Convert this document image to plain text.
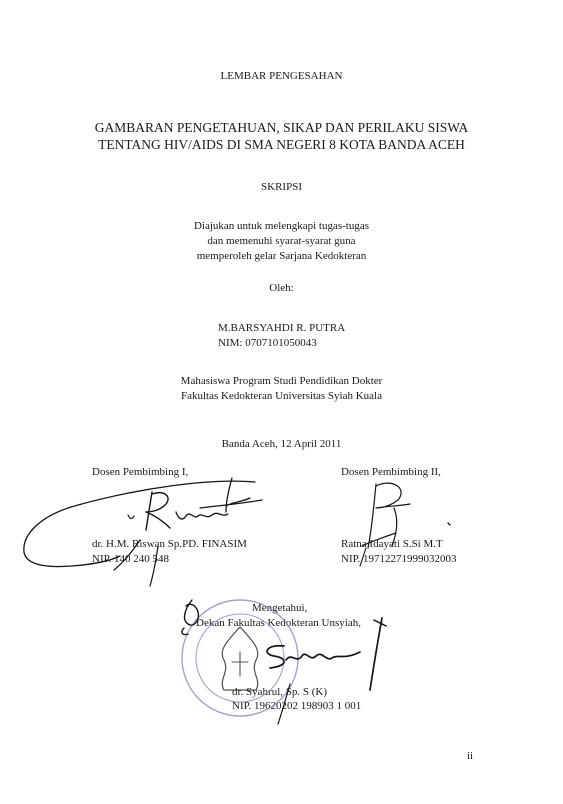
LEMBAR PENGESAHAN
GAMBARAN PENGETAHUAN, SIKAP DAN PERILAKU SISWA
TENTANG HIV/AIDS DI SMA NEGERI 8 KOTA BANDA ACEH
SKRIPSI
Diajukan untuk melengkapi tugas-tugas
dan memenuhi syarat-syarat guna
memperoleh gelar Sarjana Kedokteran
Oleh:
M.BARSYAHDI R. PUTRA
NIM: 0707101050043
Mahasiswa Program Studi Pendidikan Dokter
Fakultas Kedokteran Universitas Syiah Kuala
Banda Aceh, 12 April 2011
Dosen Pembimbing I,
dr. H.M. Riswan Sp.PD. FINASIM
NIP. 140 240 548
Dosen Pembimbing II,
Ratna Idayati S.Si M.T
NIP. 19712271999032003
Mengetahui,
Dekan Fakultas Kedokteran Unsyiah,
dr. Syahrul, Sp. S (K)
NIP. 19620202 198903 1 001
ii
